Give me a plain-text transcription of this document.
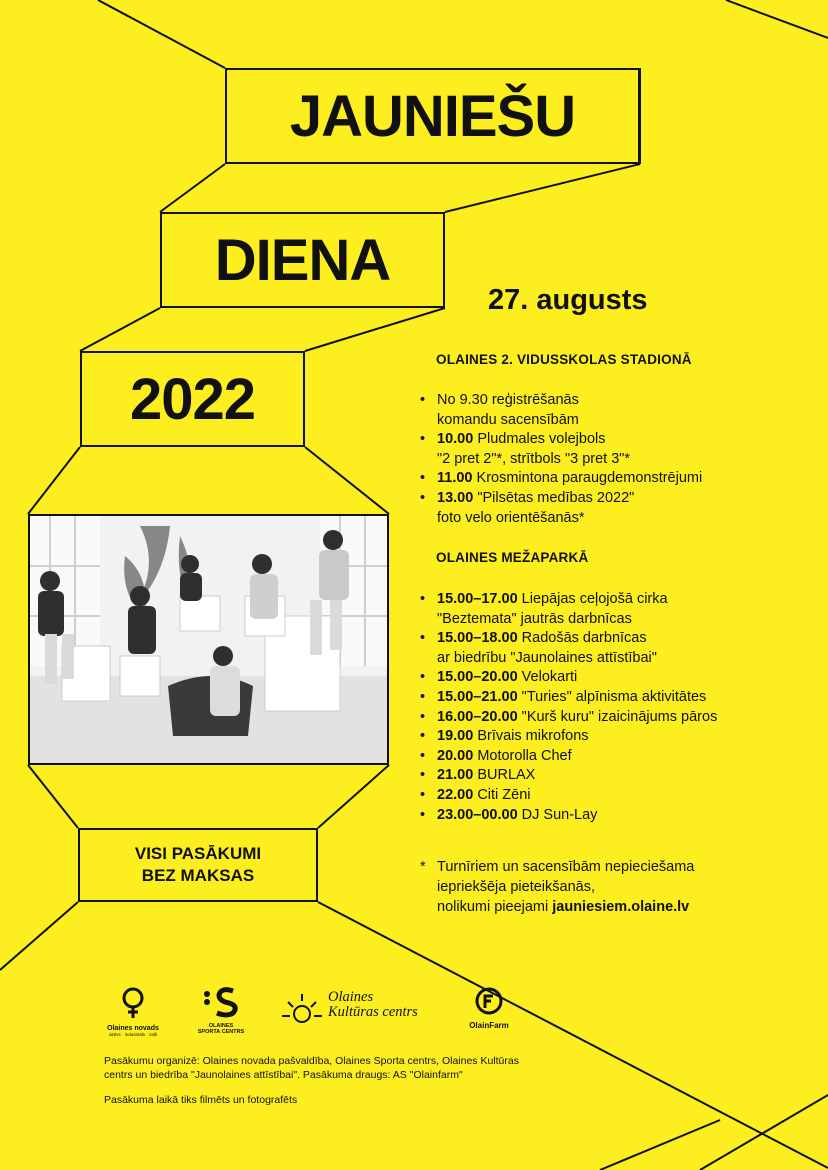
JAUNIEŠU
DIENA
2022
27. augusts
OLAINES 2. VIDUSSKOLAS STADIONĀ
• No 9.30 reģistrēšanās
komandu sacensībām
• 10.00 Pludmales volejbols
"2 pret 2"*, strītbols "3 pret 3"*
• 11.00 Krosmintona paraugdemonstrējumi
• 13.00 "Pilsētas medības 2022"
foto velo orientēšanās*
OLAINES MEŽAPARKĀ
• 15.00–17.00 Liepājas ceļojošā cirka
"Beztemata" jautrās darbnīcas
• 15.00–18.00 Radošās darbnīcas
ar biedrību "Jaunolaines attīstībai"
• 15.00–20.00 Velokarti
• 15.00–21.00 "Turies" alpīnisma aktivitātes
• 16.00–20.00 "Kurš kuru" izaicinājums pāros
• 19.00 Brīvais mikrofons
• 20.00 Motorolla Chef
• 21.00 BURLAX
• 22.00 Citi Zēni
• 23.00–00.00 DJ Sun-Lay
VISI PASĀKUMI
BEZ MAKSAS	* Turnīriem un sacensībām nepieciešama
iepriekšēja pieteikšanās,
nolikumi pieejami jauniesiem.olaine.lv
Olaines novads
aktīvs · industriāls · zaļš
OLAINES
SPORTA CENTRS
Olaines
Kultūras centrs
OlainFarm
Pasākumu organizē: Olaines novada pašvaldība, Olaines Sporta centrs, Olaines Kultūras centrs un biedrība "Jaunolaines attīstībai". Pasākuma draugs: AS "Olainfarm"
Pasākuma laikā tiks filmēts un fotografēts
